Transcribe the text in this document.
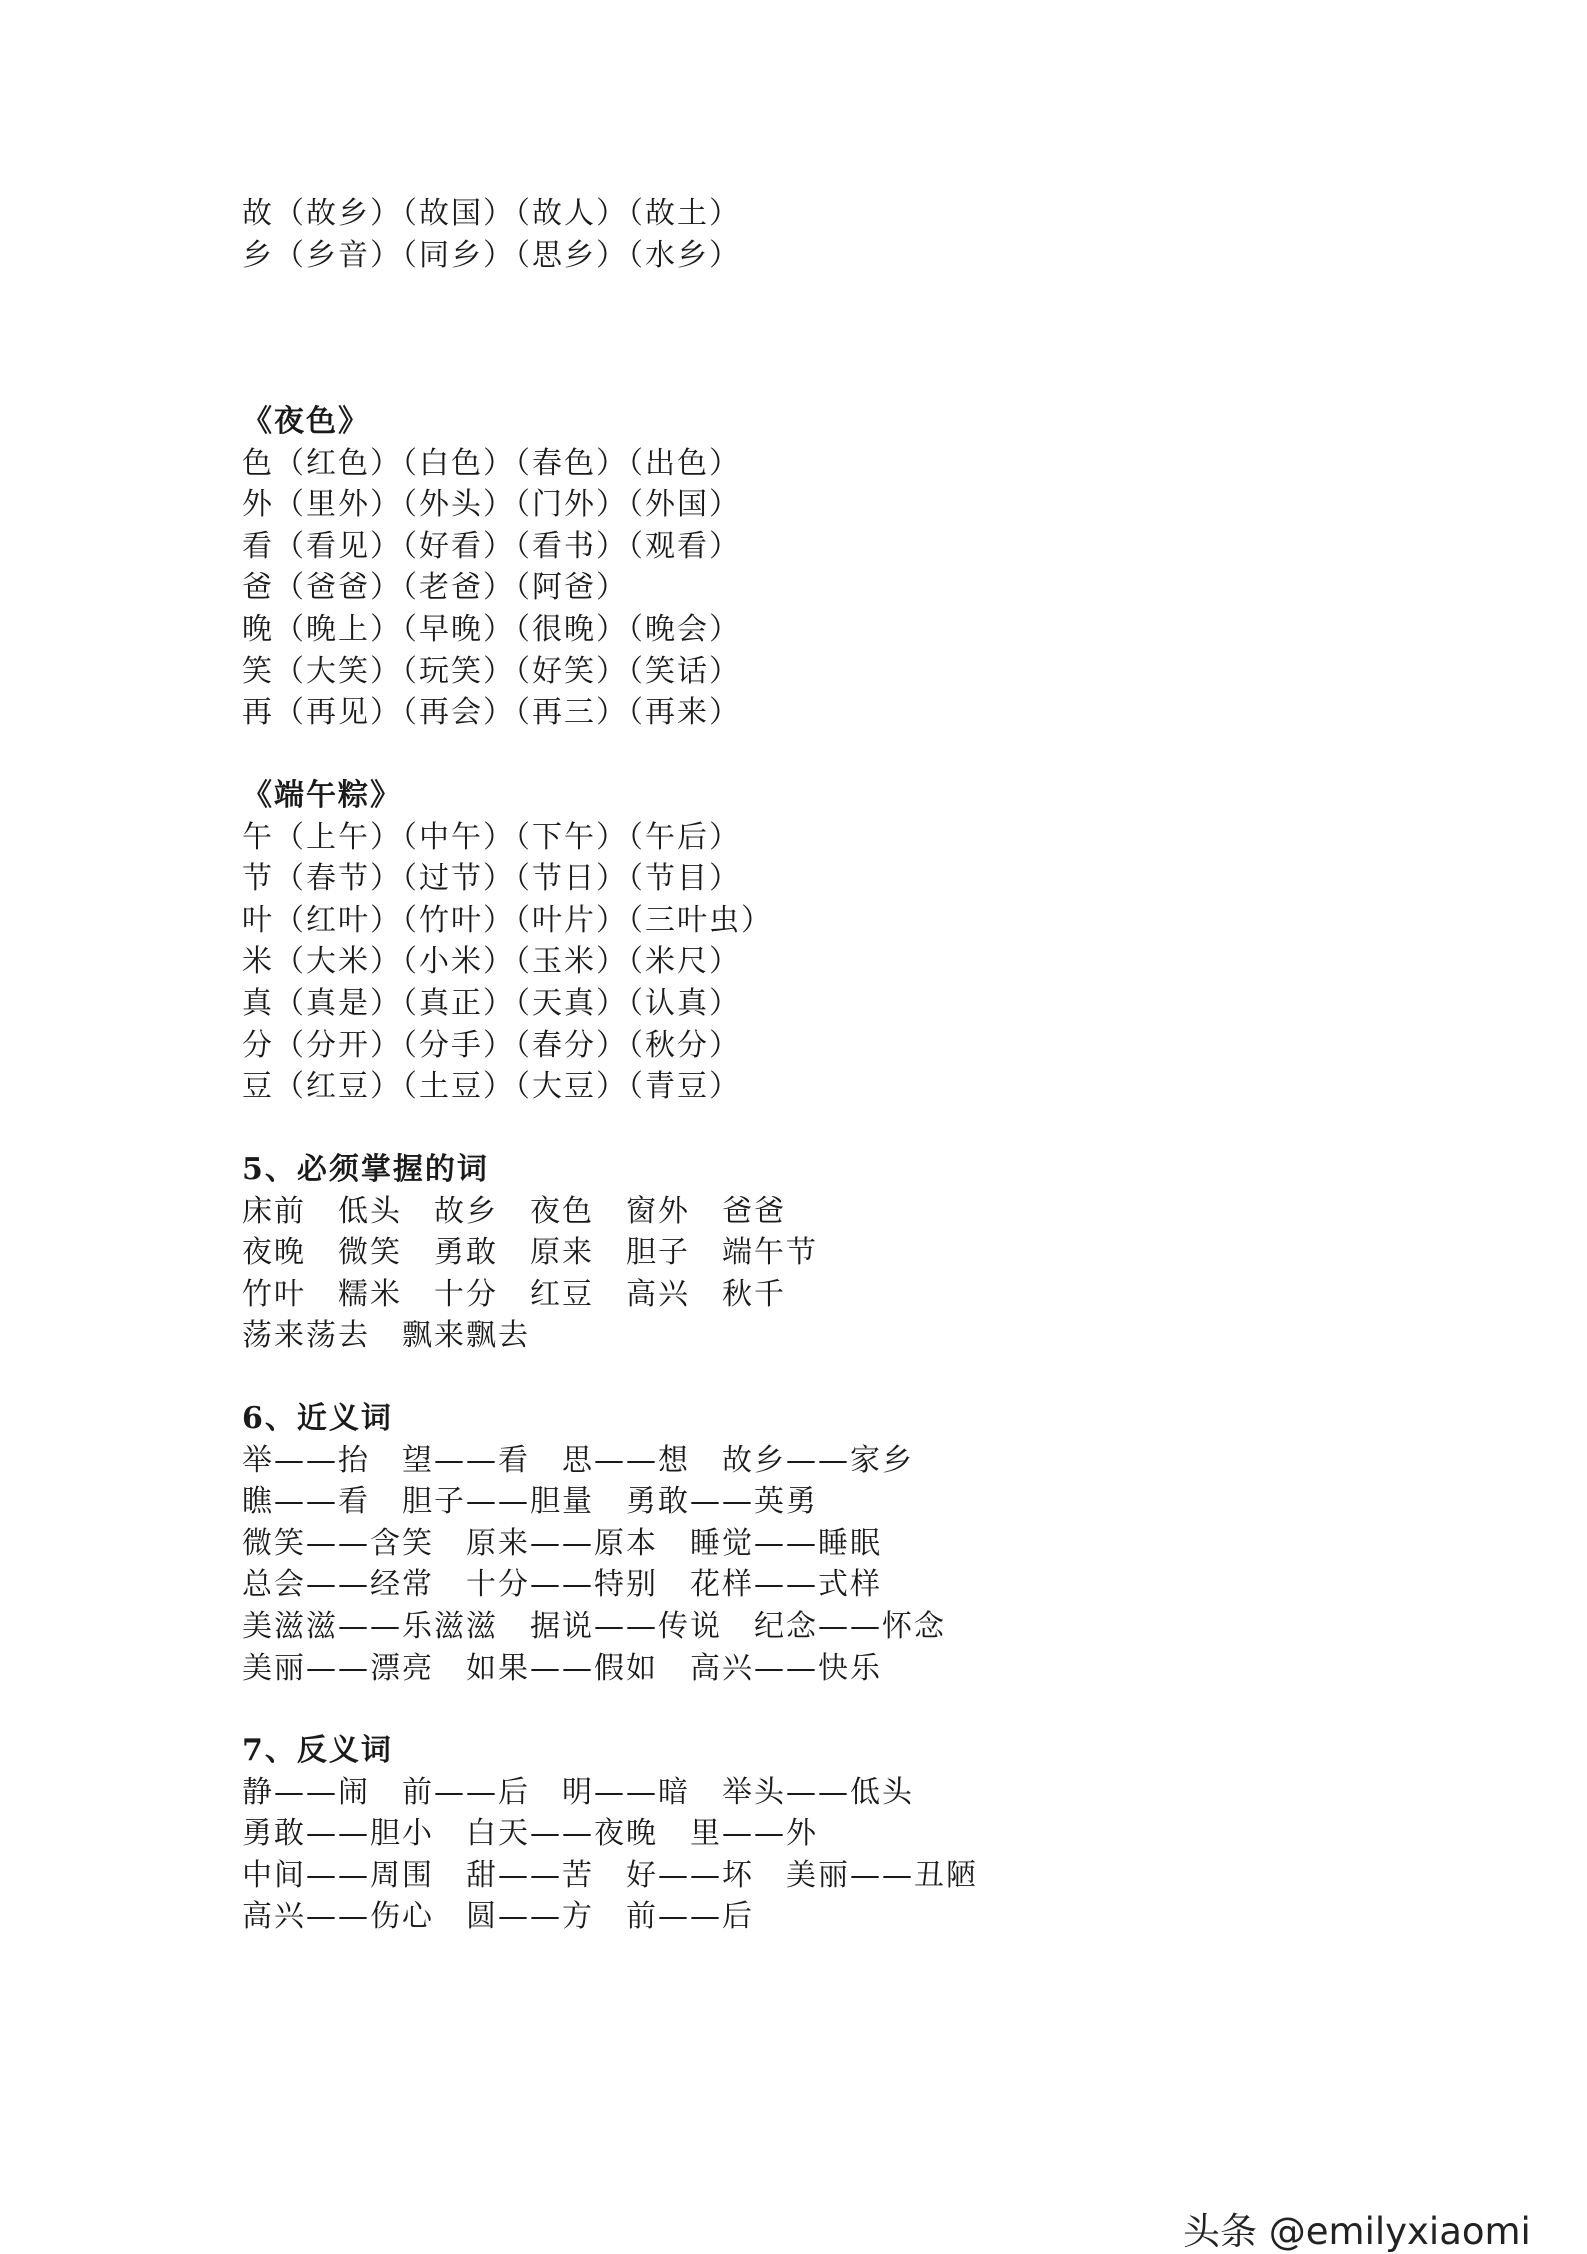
故（故乡）（故国）（故人）（故土）
乡（乡音）（同乡）（思乡）（水乡）
《夜色》
色（红色）（白色）（春色）（出色）
外（里外）（外头）（门外）（外国）
看（看见）（好看）（看书）（观看）
爸（爸爸）（老爸）（阿爸）
晚（晚上）（早晚）（很晚）（晚会）
笑（大笑）（玩笑）（好笑）（笑话）
再（再见）（再会）（再三）（再来）
《端午粽》
午（上午）（中午）（下午）（午后）
节（春节）（过节）（节日）（节目）
叶（红叶）（竹叶）（叶片）（三叶虫）
米（大米）（小米）（玉米）（米尺）
真（真是）（真正）（天真）（认真）
分（分开）（分手）（春分）（秋分）
豆（红豆）（土豆）（大豆）（青豆）
5、必须掌握的词
床前　低头　故乡　夜色　窗外　爸爸
夜晚　微笑　勇敢　原来　胆子　端午节
竹叶　糯米　十分　红豆　高兴　秋千
荡来荡去　飘来飘去
6、近义词
举——抬　望——看　思——想　故乡——家乡
瞧——看　胆子——胆量　勇敢——英勇
微笑——含笑　原来——原本　睡觉——睡眠
总会——经常　十分——特别　花样——式样
美滋滋——乐滋滋　据说——传说　纪念——怀念
美丽——漂亮　如果——假如　高兴——快乐
7、反义词
静——闹　前——后　明——暗　举头——低头
勇敢——胆小　白天——夜晚　里——外
中间——周围　甜——苦　好——坏　美丽——丑陋
高兴——伤心　圆——方　前——后
头条 @emilyxiaomi
